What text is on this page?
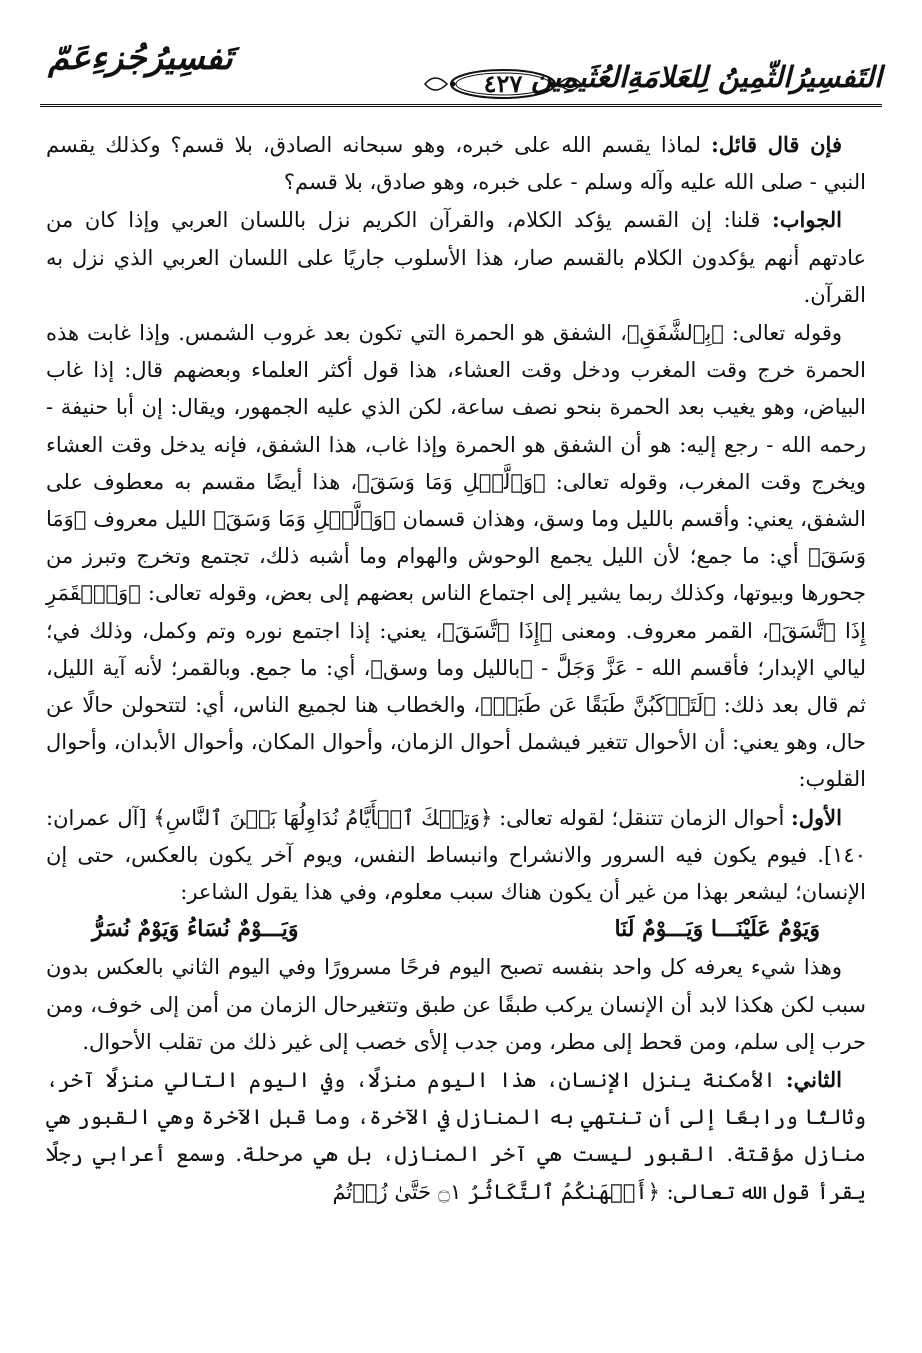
تَفسِيرُجُزءِعَمّ
٤٢٧ التَفسِيرُالثّمِينُ لِلعَلامَةِالعُثَيمِين

فإن قال قائل: لماذا يقسم الله على خبره، وهو سبحانه الصادق، بلا قسم؟ وكذلك يقسم النبي - صلى الله عليه وآله وسلم - على خبره، وهو صادق، بلا قسم؟

الجواب: قلنا: إن القسم يؤكد الكلام، والقرآن الكريم نزل باللسان العربي وإذا كان من عادتهم أنهم يؤكدون الكلام بالقسم صار، هذا الأسلوب جاريًا على اللسان العربي الذي نزل به القرآن.

وقوله تعالى: ﴿بِٱلشَّفَقِ﴾، الشفق هو الحمرة التي تكون بعد غروب الشمس. وإذا غابت هذه الحمرة خرج وقت المغرب ودخل وقت العشاء، هذا قول أكثر العلماء وبعضهم قال: إذا غاب البياض، وهو يغيب بعد الحمرة بنحو نصف ساعة، لكن الذي عليه الجمهور، ويقال: إن أبا حنيفة - رحمه الله - رجع إليه: هو أن الشفق هو الحمرة وإذا غاب، هذا الشفق، فإنه يدخل وقت العشاء ويخرج وقت المغرب، وقوله تعالى: ﴿وَٱلَّيۡلِ وَمَا وَسَقَ﴾، هذا أيضًا مقسم به معطوف على الشفق، يعني: وأقسم بالليل وما وسق، وهذان قسمان ﴿وَٱلَّيۡلِ وَمَا وَسَقَ﴾ الليل معروف ﴿وَمَا وَسَقَ﴾ أي: ما جمع؛ لأن الليل يجمع الوحوش والهوام وما أشبه ذلك، تجتمع وتخرج وتبرز من جحورها وبيوتها، وكذلك ربما يشير إلى اجتماع الناس بعضهم إلى بعض، وقوله تعالى: ﴿وَٱلۡقَمَرِ إِذَا ٱتَّسَقَ﴾، القمر معروف. ومعنى ﴿إِذَا ٱتَّسَقَ﴾، يعني: إذا اجتمع نوره وتم وكمل، وذلك في؛ ليالي الإبدار؛ فأقسم الله - عَزَّ وَجَلَّ - ﴿بالليل وما وسق﴾، أي: ما جمع. وبالقمر؛ لأنه آية الليل، ثم قال بعد ذلك: ﴿لَتَرۡكَبُنَّ طَبَقًا عَن طَبَقٖ﴾، والخطاب هنا لجميع الناس، أي: لتتحولن حالًا عن حال، وهو يعني: أن الأحوال تتغير فيشمل أحوال الزمان، وأحوال المكان، وأحوال الأبدان، وأحوال القلوب:

الأول: أحوال الزمان تتنقل؛ لقوله تعالى: ﴿وَتِلۡكَ ٱلۡأَيَّامُ نُدَاوِلُهَا بَيۡنَ ٱلنَّاسِ﴾ [آل عمران: ١٤٠]. فيوم يكون فيه السرور والانشراح وانبساط النفس، ويوم آخر يكون بالعكس، حتى إن الإنسان؛ ليشعر بهذا من غير أن يكون هناك سبب معلوم، وفي هذا يقول الشاعر:

وَيَوْمٌ عَلَيْنَـــا وَيَـــوْمٌ لَنَا
وَيَـــوْمٌ نُسَاءُ وَيَوْمٌ نُسَرُّ

وهذا شيء يعرفه كل واحد بنفسه تصبح اليوم فرحًا مسرورًا وفي اليوم الثاني بالعكس بدون سبب لكن هكذا لابد أن الإنسان يركب طبقًا عن طبق وتتغيرحال الزمان من أمن إلى خوف، ومن حرب إلى سلم، ومن قحط إلى مطر، ومن جدب إلأى خصب إلى غير ذلك من تقلب الأحوال.

الثاني: الأمكنة ينزل الإنسان، هذا اليوم منزلًا، وفي اليوم التالي منزلًا آخر، وثالثًا ورابعًا إلى أن تنتهي به المنازل في الآخرة، وما قبل الآخرة وهي القبور هي منازل مؤقتة. القبور ليست هي آخر المنازل، بل هي مرحلة. وسمع أعرابي رجلًا يقرأ قول الله تعالى: ﴿أَلۡهَىٰكُمُ ٱلتَّكَاثُرُ ۝١ حَتَّىٰ زُرۡتُمُ
